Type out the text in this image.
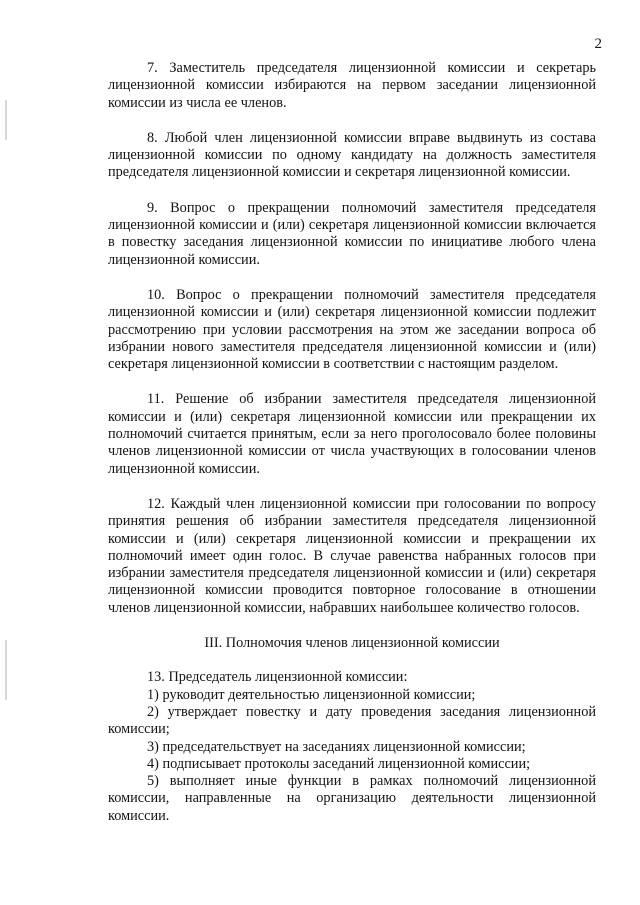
2

7. Заместитель председателя лицензионной комиссии и секретарь лицензионной комиссии избираются на первом заседании лицензионной комиссии из числа ее членов.

8. Любой член лицензионной комиссии вправе выдвинуть из состава лицензионной комиссии по одному кандидату на должность заместителя председателя лицензионной комиссии и секретаря лицензионной комиссии.

9. Вопрос о прекращении полномочий заместителя председателя лицензионной комиссии и (или) секретаря лицензионной комиссии включается в повестку заседания лицензионной комиссии по инициативе любого члена лицензионной комиссии.

10. Вопрос о прекращении полномочий заместителя председателя лицензионной комиссии и (или) секретаря лицензионной комиссии подлежит рассмотрению при условии рассмотрения на этом же заседании вопроса об избрании нового заместителя председателя лицензионной комиссии и (или) секретаря лицензионной комиссии в соответствии с настоящим разделом.

11. Решение об избрании заместителя председателя лицензионной комиссии и (или) секретаря лицензионной комиссии или прекращении их полномочий считается принятым, если за него проголосовало более половины членов лицензионной комиссии от числа участвующих в голосовании членов лицензионной комиссии.

12. Каждый член лицензионной комиссии при голосовании по вопросу принятия решения об избрании заместителя председателя лицензионной комиссии и (или) секретаря лицензионной комиссии и прекращении их полномочий имеет один голос. В случае равенства набранных голосов при избрании заместителя председателя лицензионной комиссии и (или) секретаря лицензионной комиссии проводится повторное голосование в отношении членов лицензионной комиссии, набравших наибольшее количество голосов.

III. Полномочия членов лицензионной комиссии

13. Председатель лицензионной комиссии:

1) руководит деятельностью лицензионной комиссии;

2) утверждает повестку и дату проведения заседания лицензионной комиссии;

3) председательствует на заседаниях лицензионной комиссии;

4) подписывает протоколы заседаний лицензионной комиссии;

5) выполняет иные функции в рамках полномочий лицензионной комиссии, направленные на организацию деятельности лицензионной комиссии.
